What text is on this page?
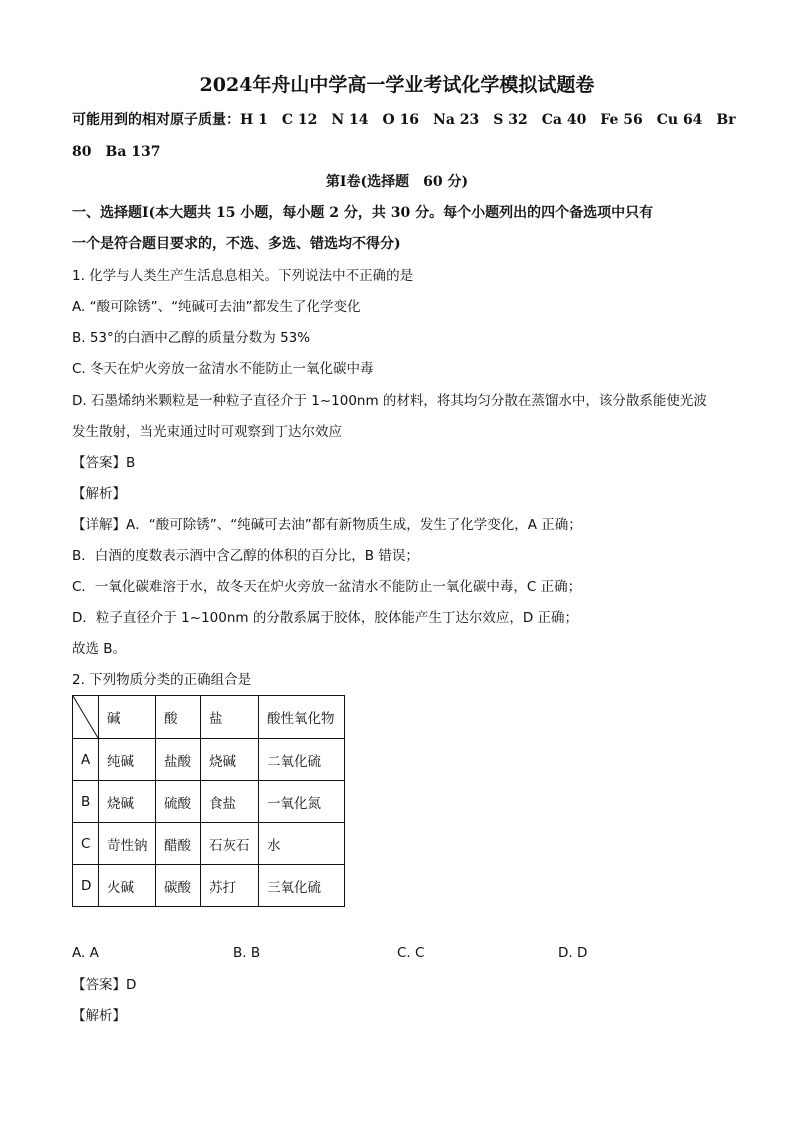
2024年舟山中学高一学业考试化学模拟试题卷
可能用到的相对原子质量：H 1　C 12　N 14　O 16　Na 23　S 32　Ca 40　Fe 56　Cu 64　Br
80　Ba 137
第Ⅰ卷(选择题　60 分)
一、选择题Ⅰ(本大题共 15 小题，每小题 2 分，共 30 分。每个小题列出的四个备选项中只有
一个是符合题目要求的，不选、多选、错选均不得分)
1. 化学与人类生产生活息息相关。下列说法中不正确的是
A. “酸可除锈”、“纯碱可去油”都发生了化学变化
B. 53°的白酒中乙醇的质量分数为 53%
C. 冬天在炉火旁放一盆清水不能防止一氧化碳中毒
D. 石墨烯纳米颗粒是一种粒子直径介于 1~100nm 的材料，将其均匀分散在蒸馏水中，该分散系能使光波
发生散射，当光束通过时可观察到丁达尔效应
【答案】B
【解析】
【详解】A．“酸可除锈”、“纯碱可去油”都有新物质生成，发生了化学变化，A 正确；
B．白酒的度数表示酒中含乙醇的体积的百分比，B 错误；
C．一氧化碳难溶于水，故冬天在炉火旁放一盆清水不能防止一氧化碳中毒，C 正确；
D．粒子直径介于 1~100nm 的分散系属于胶体，胶体能产生丁达尔效应，D 正确；
故选 B。
2. 下列物质分类的正确组合是
	碱	酸	盐	酸性氧化物
A	纯碱	盐酸	烧碱	二氧化硫
B	烧碱	硫酸	食盐	一氧化氮
C	苛性钠	醋酸	石灰石	水
D	火碱	碳酸	苏打	三氧化硫
A. A	B. B	C. C	D. D
【答案】D
【解析】
